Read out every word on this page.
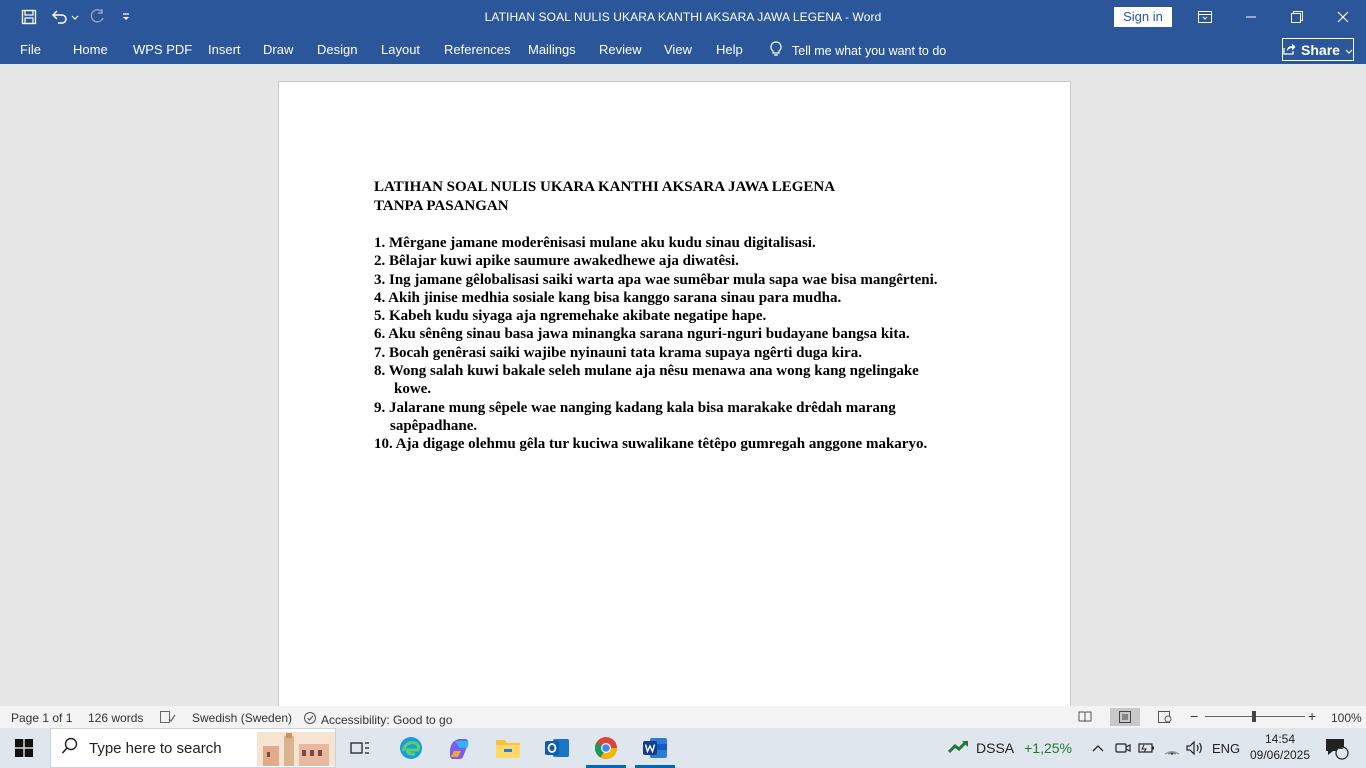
LATIHAN SOAL NULIS UKARA KANTHI AKSARA JAWA LEGENA - Word	Sign in
File Home WPS PDF Insert Draw Design Layout References Mailings Review View Help	Tell me what you want to do	Share
LATIHAN SOAL NULIS UKARA KANTHI AKSARA JAWA LEGENA
TANPA PASANGAN
1. Mêrgane jamane moderênisasi mulane aku kudu sinau digitalisasi.
2. Bêlajar kuwi apike saumure awakedhewe aja diwatêsi.
3. Ing jamane gêlobalisasi saiki warta apa wae sumêbar mula sapa wae bisa mangêrteni.
4. Akih jinise medhia sosiale kang bisa kanggo sarana sinau para mudha.
5. Kabeh kudu siyaga aja ngremehake akibate negatipe hape.
6. Aku sênêng sinau basa jawa minangka sarana nguri-nguri budayane bangsa kita.
7. Bocah genêrasi saiki wajibe nyinauni tata krama supaya ngêrti duga kira.
8. Wong salah kuwi bakale seleh mulane aja nêsu menawa ana wong kang ngelingake
kowe.
9. Jalarane mung sêpele wae nanging kadang kala bisa marakake drêdah marang
sapêpadhane.
10. Aja digage olehmu gêla tur kuciwa suwalikane têtêpo gumregah anggone makaryo.
Page 1 of 1 126 words	Swedish (Sweden) Accessibility: Good to go	−	+ 100%
Type here to search	DSSA +1,25%	ENG
14:54
09/06/2025
1
